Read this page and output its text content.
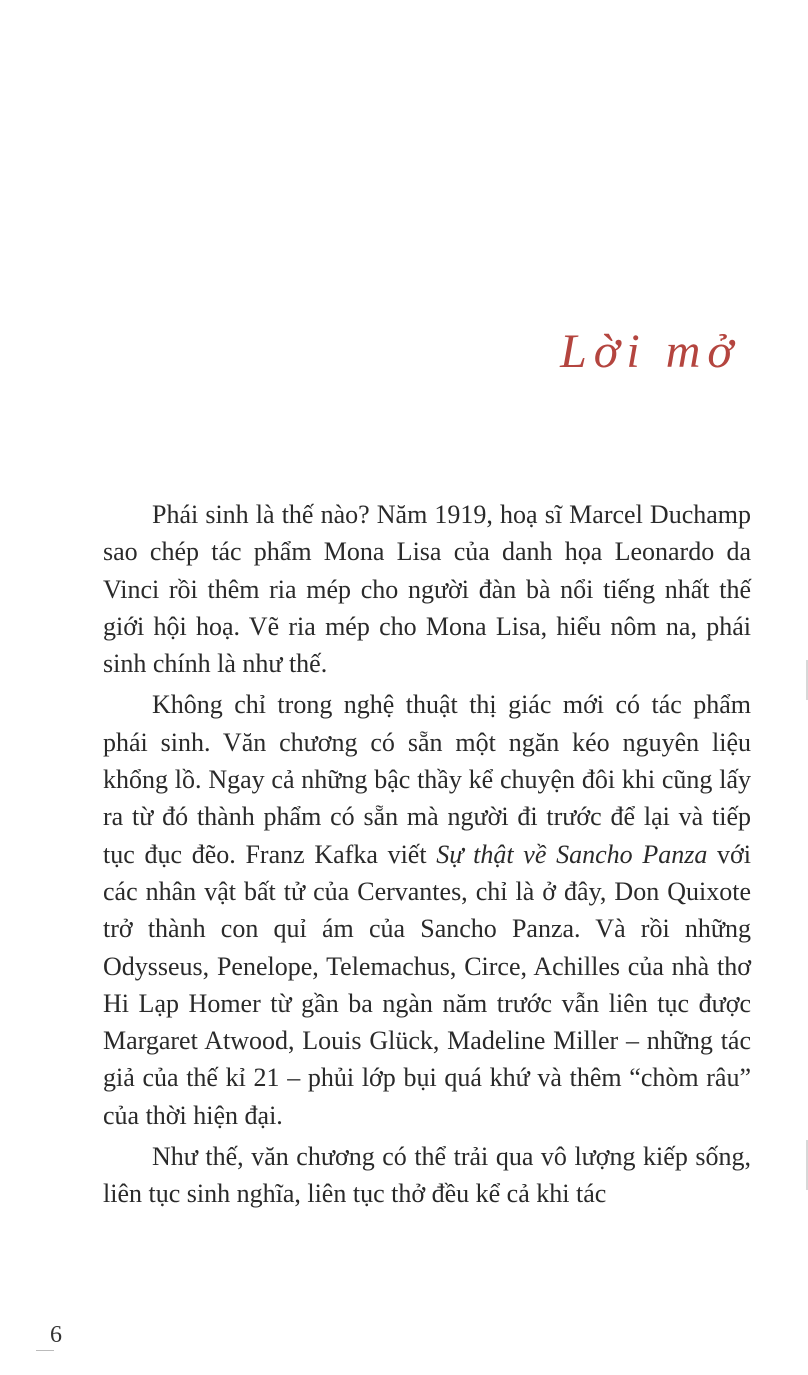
Lời mở

Phái sinh là thế nào? Năm 1919, hoạ sĩ Marcel Duchamp sao chép tác phẩm Mona Lisa của danh họa Leonardo da Vinci rồi thêm ria mép cho người đàn bà nổi tiếng nhất thế giới hội hoạ. Vẽ ria mép cho Mona Lisa, hiểu nôm na, phái sinh chính là như thế.

Không chỉ trong nghệ thuật thị giác mới có tác phẩm phái sinh. Văn chương có sẵn một ngăn kéo nguyên liệu khổng lồ. Ngay cả những bậc thầy kể chuyện đôi khi cũng lấy ra từ đó thành phẩm có sẵn mà người đi trước để lại và tiếp tục đục đẽo. Franz Kafka viết Sự thật về Sancho Panza với các nhân vật bất tử của Cervantes, chỉ là ở đây, Don Quixote trở thành con quỉ ám của Sancho Panza. Và rồi những Odysseus, Penelope, Telemachus, Circe, Achilles của nhà thơ Hi Lạp Homer từ gần ba ngàn năm trước vẫn liên tục được Margaret Atwood, Louis Glück, Madeline Miller – những tác giả của thế kỉ 21 – phủi lớp bụi quá khứ và thêm “chòm râu” của thời hiện đại.

Như thế, văn chương có thể trải qua vô lượng kiếp sống, liên tục sinh nghĩa, liên tục thở đều kể cả khi tác

6
